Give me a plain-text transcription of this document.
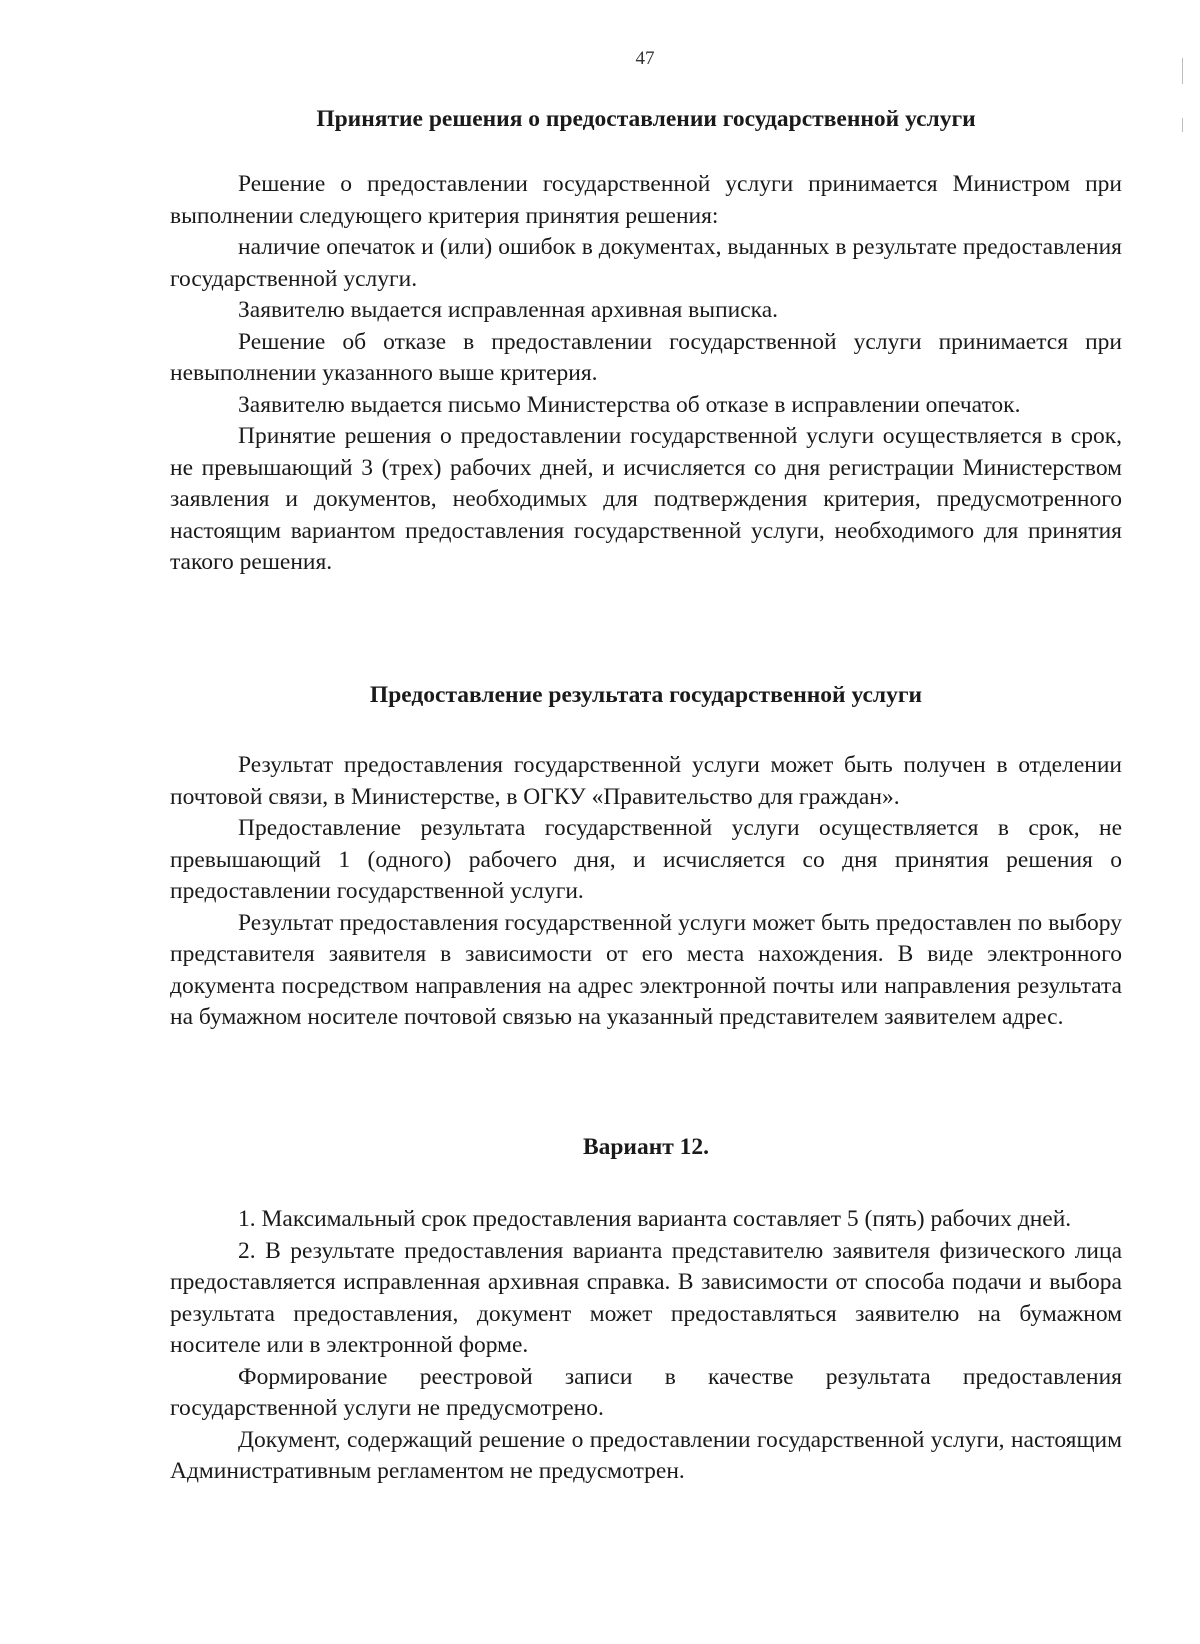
47
Принятие решения о предоставлении государственной услуги

Решение о предоставлении государственной услуги принимается Министром при выполнении следующего критерия принятия решения:

наличие опечаток и (или) ошибок в документах, выданных в результате предоставления государственной услуги.

Заявителю выдается исправленная архивная выписка.

Решение об отказе в предоставлении государственной услуги принимается при невыполнении указанного выше критерия.

Заявителю выдается письмо Министерства об отказе в исправлении опечаток.

Принятие решения о предоставлении государственной услуги осуществляется в срок, не превышающий 3 (трех) рабочих дней, и исчисляется со дня регистрации Министерством заявления и документов, необходимых для подтверждения критерия, предусмотренного настоящим вариантом предоставления государственной услуги, необходимого для принятия такого решения.

Предоставление результата государственной услуги

Результат предоставления государственной услуги может быть получен в отделении почтовой связи, в Министерстве, в ОГКУ «Правительство для граждан».

Предоставление результата государственной услуги осуществляется в срок, не превышающий 1 (одного) рабочего дня, и исчисляется со дня принятия решения о предоставлении государственной услуги.

Результат предоставления государственной услуги может быть предоставлен по выбору представителя заявителя в зависимости от его места нахождения. В виде электронного документа посредством направления на адрес электронной почты или направления результата на бумажном носителе почтовой связью на указанный представителем заявителем адрес.

Вариант 12.

1. Максимальный срок предоставления варианта составляет 5 (пять) рабочих дней.

2. В результате предоставления варианта представителю заявителя физического лица предоставляется исправленная архивная справка. В зависимости от способа подачи и выбора результата предоставления, документ может предоставляться заявителю на бумажном носителе или в электронной форме.

Формирование реестровой записи в качестве результата предоставления государственной услуги не предусмотрено.

Документ, содержащий решение о предоставлении государственной услуги, настоящим Административным регламентом не предусмотрен.
